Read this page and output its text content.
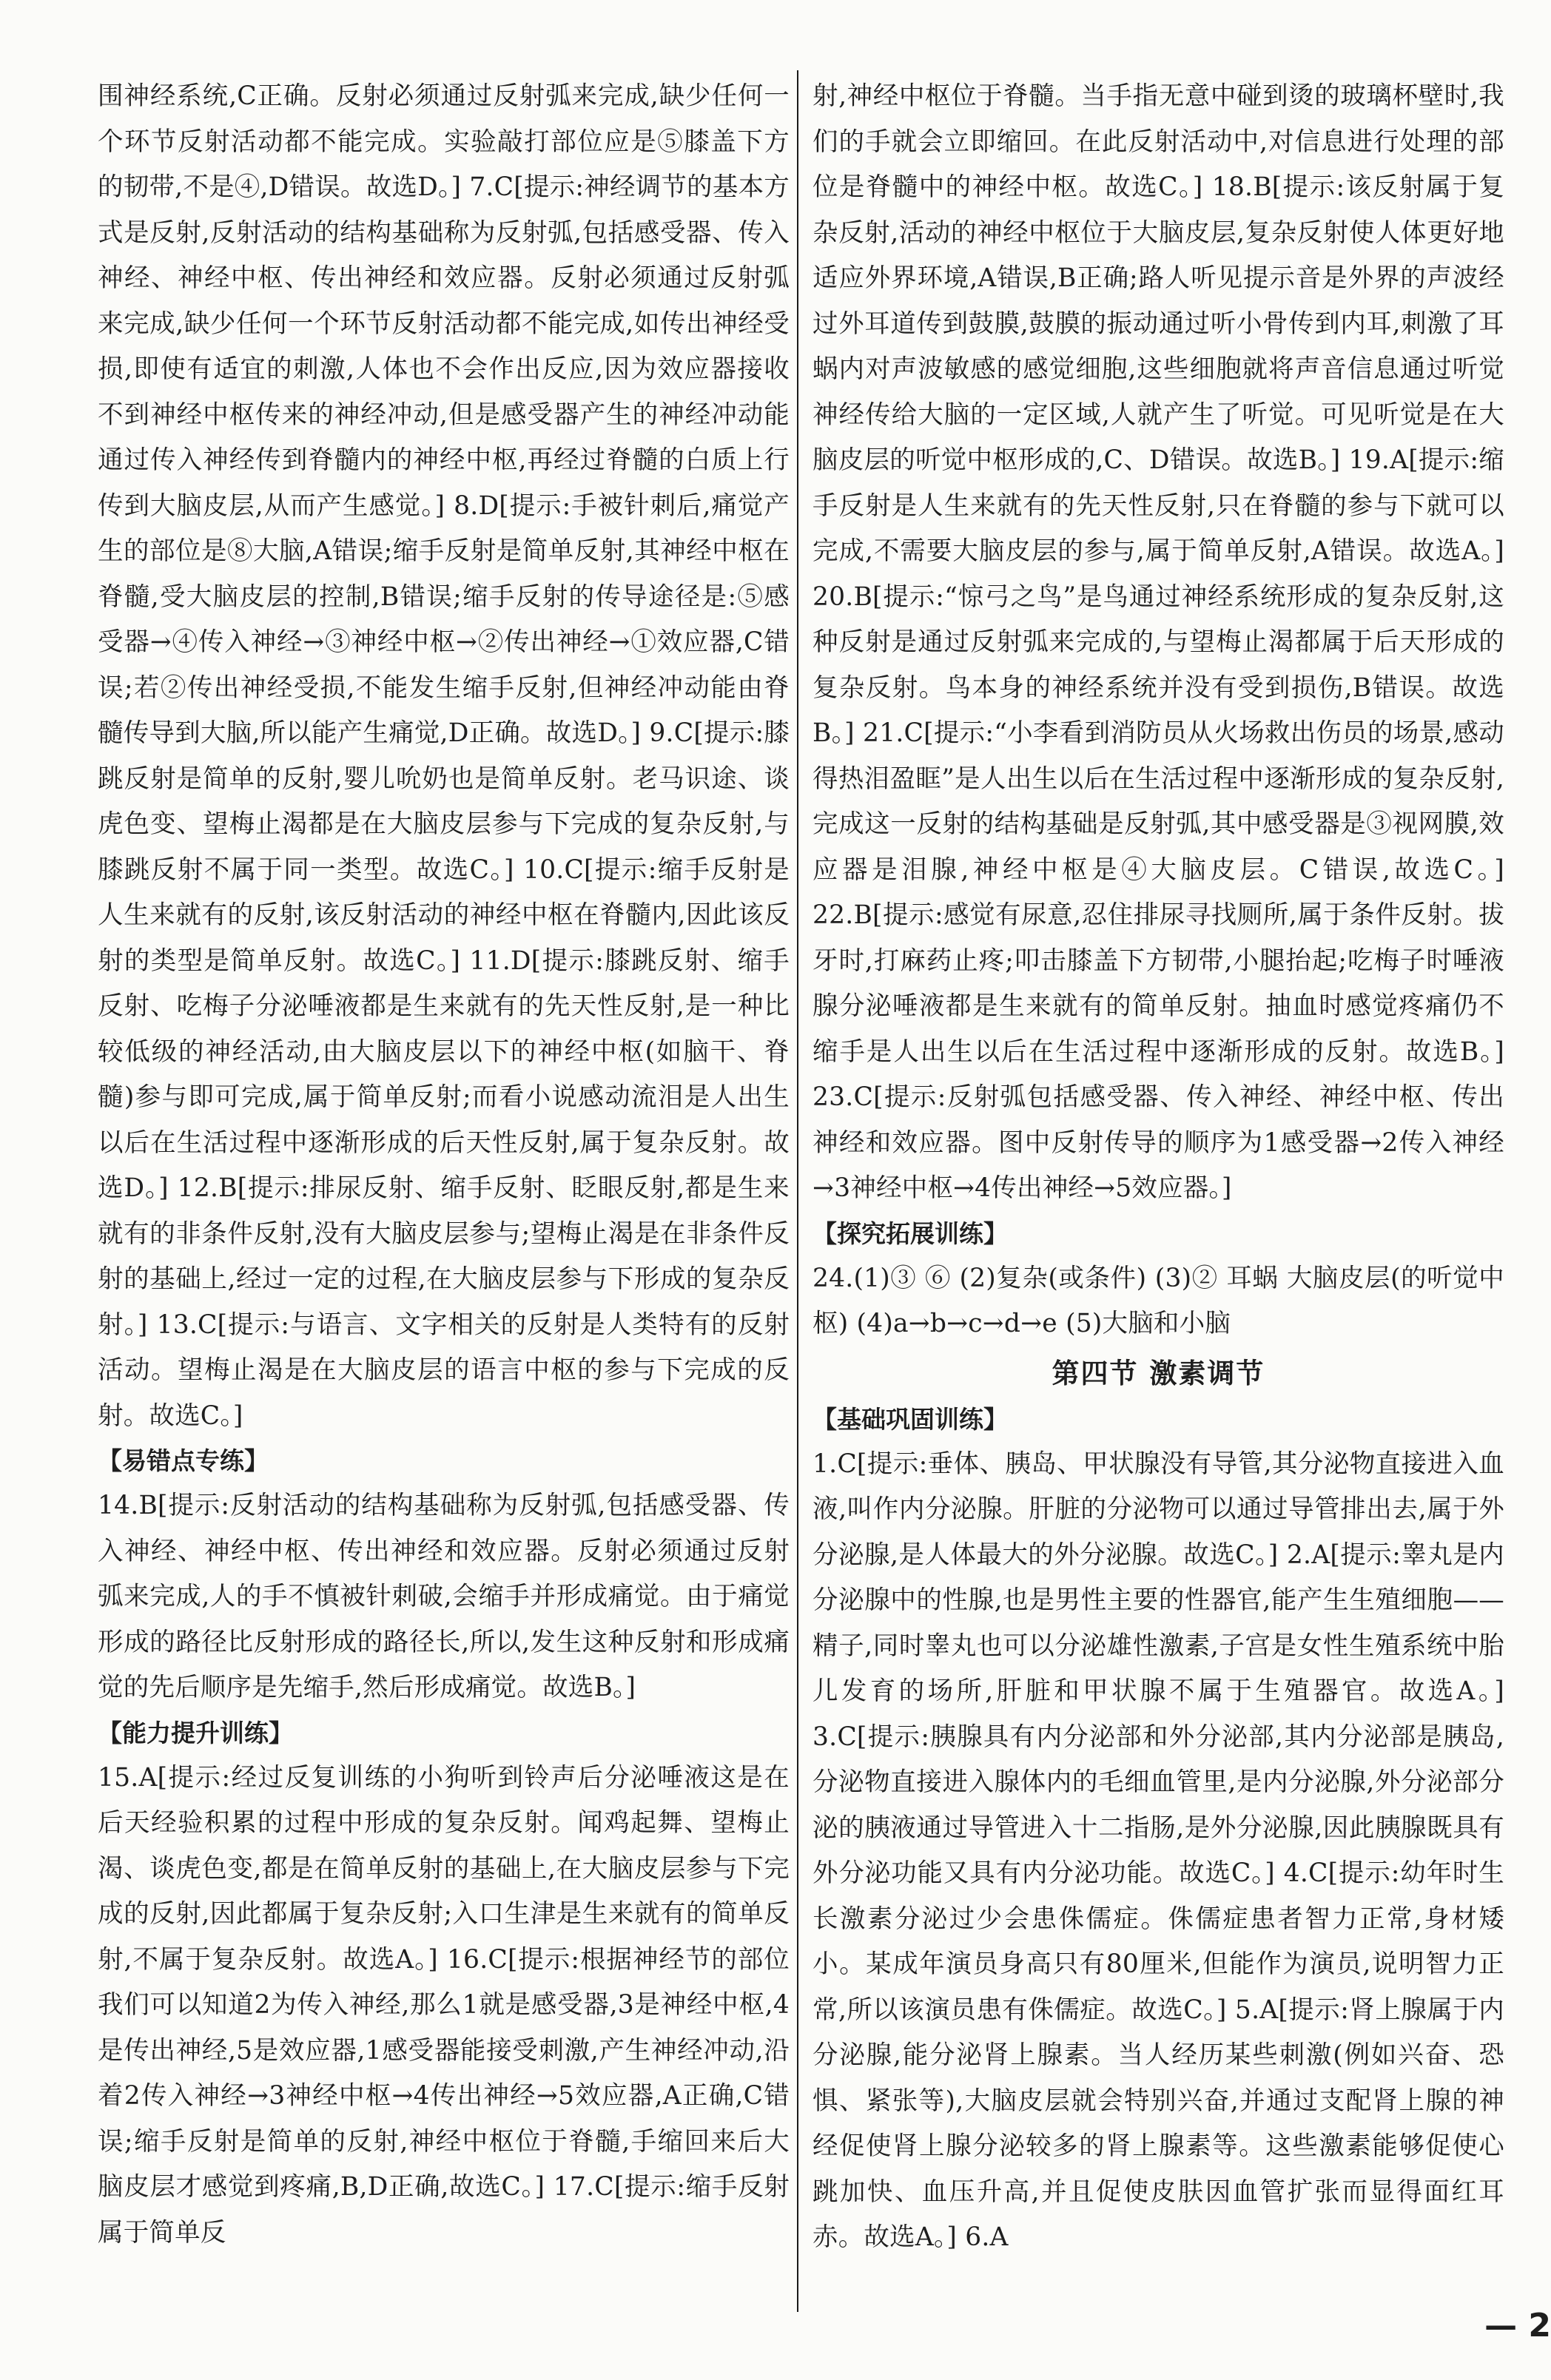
围神经系统,C正确。反射必须通过反射弧来完成,缺少任何一个环节反射活动都不能完成。实验敲打部位应是⑤膝盖下方的韧带,不是④,D错误。故选D。] 7.C[提示:神经调节的基本方式是反射,反射活动的结构基础称为反射弧,包括感受器、传入神经、神经中枢、传出神经和效应器。反射必须通过反射弧来完成,缺少任何一个环节反射活动都不能完成,如传出神经受损,即使有适宜的刺激,人体也不会作出反应,因为效应器接收不到神经中枢传来的神经冲动,但是感受器产生的神经冲动能通过传入神经传到脊髓内的神经中枢,再经过脊髓的白质上行传到大脑皮层,从而产生感觉。] 8.D[提示:手被针刺后,痛觉产生的部位是⑧大脑,A错误;缩手反射是简单反射,其神经中枢在脊髓,受大脑皮层的控制,B错误;缩手反射的传导途径是:⑤感受器→④传入神经→③神经中枢→②传出神经→①效应器,C错误;若②传出神经受损,不能发生缩手反射,但神经冲动能由脊髓传导到大脑,所以能产生痛觉,D正确。故选D。] 9.C[提示:膝跳反射是简单的反射,婴儿吮奶也是简单反射。老马识途、谈虎色变、望梅止渴都是在大脑皮层参与下完成的复杂反射,与膝跳反射不属于同一类型。故选C。] 10.C[提示:缩手反射是人生来就有的反射,该反射活动的神经中枢在脊髓内,因此该反射的类型是简单反射。故选C。] 11.D[提示:膝跳反射、缩手反射、吃梅子分泌唾液都是生来就有的先天性反射,是一种比较低级的神经活动,由大脑皮层以下的神经中枢(如脑干、脊髓)参与即可完成,属于简单反射;而看小说感动流泪是人出生以后在生活过程中逐渐形成的后天性反射,属于复杂反射。故选D。] 12.B[提示:排尿反射、缩手反射、眨眼反射,都是生来就有的非条件反射,没有大脑皮层参与;望梅止渴是在非条件反射的基础上,经过一定的过程,在大脑皮层参与下形成的复杂反射。] 13.C[提示:与语言、文字相关的反射是人类特有的反射活动。望梅止渴是在大脑皮层的语言中枢的参与下完成的反射。故选C。]

【易错点专练】

14.B[提示:反射活动的结构基础称为反射弧,包括感受器、传入神经、神经中枢、传出神经和效应器。反射必须通过反射弧来完成,人的手不慎被针刺破,会缩手并形成痛觉。由于痛觉形成的路径比反射形成的路径长,所以,发生这种反射和形成痛觉的先后顺序是先缩手,然后形成痛觉。故选B。]

【能力提升训练】

15.A[提示:经过反复训练的小狗听到铃声后分泌唾液这是在后天经验积累的过程中形成的复杂反射。闻鸡起舞、望梅止渴、谈虎色变,都是在简单反射的基础上,在大脑皮层参与下完成的反射,因此都属于复杂反射;入口生津是生来就有的简单反射,不属于复杂反射。故选A。] 16.C[提示:根据神经节的部位我们可以知道2为传入神经,那么1就是感受器,3是神经中枢,4是传出神经,5是效应器,1感受器能接受刺激,产生神经冲动,沿着2传入神经→3神经中枢→4传出神经→5效应器,A正确,C错误;缩手反射是简单的反射,神经中枢位于脊髓,手缩回来后大脑皮层才感觉到疼痛,B,D正确,故选C。] 17.C[提示:缩手反射属于简单反

射,神经中枢位于脊髓。当手指无意中碰到烫的玻璃杯壁时,我们的手就会立即缩回。在此反射活动中,对信息进行处理的部位是脊髓中的神经中枢。故选C。] 18.B[提示:该反射属于复杂反射,活动的神经中枢位于大脑皮层,复杂反射使人体更好地适应外界环境,A错误,B正确;路人听见提示音是外界的声波经过外耳道传到鼓膜,鼓膜的振动通过听小骨传到内耳,刺激了耳蜗内对声波敏感的感觉细胞,这些细胞就将声音信息通过听觉神经传给大脑的一定区域,人就产生了听觉。可见听觉是在大脑皮层的听觉中枢形成的,C、D错误。故选B。] 19.A[提示:缩手反射是人生来就有的先天性反射,只在脊髓的参与下就可以完成,不需要大脑皮层的参与,属于简单反射,A错误。故选A。] 20.B[提示:“惊弓之鸟”是鸟通过神经系统形成的复杂反射,这种反射是通过反射弧来完成的,与望梅止渴都属于后天形成的复杂反射。鸟本身的神经系统并没有受到损伤,B错误。故选B。] 21.C[提示:“小李看到消防员从火场救出伤员的场景,感动得热泪盈眶”是人出生以后在生活过程中逐渐形成的复杂反射,完成这一反射的结构基础是反射弧,其中感受器是③视网膜,效应器是泪腺,神经中枢是④大脑皮层。C错误,故选C。] 22.B[提示:感觉有尿意,忍住排尿寻找厕所,属于条件反射。拔牙时,打麻药止疼;叩击膝盖下方韧带,小腿抬起;吃梅子时唾液腺分泌唾液都是生来就有的简单反射。抽血时感觉疼痛仍不缩手是人出生以后在生活过程中逐渐形成的反射。故选B。] 23.C[提示:反射弧包括感受器、传入神经、神经中枢、传出神经和效应器。图中反射传导的顺序为1感受器→2传入神经→3神经中枢→4传出神经→5效应器。]

【探究拓展训练】

24.(1)③ ⑥ (2)复杂(或条件) (3)② 耳蜗 大脑皮层(的听觉中枢) (4)a→b→c→d→e (5)大脑和小脑

第四节 激素调节

【基础巩固训练】

1.C[提示:垂体、胰岛、甲状腺没有导管,其分泌物直接进入血液,叫作内分泌腺。肝脏的分泌物可以通过导管排出去,属于外分泌腺,是人体最大的外分泌腺。故选C。] 2.A[提示:睾丸是内分泌腺中的性腺,也是男性主要的性器官,能产生生殖细胞——精子,同时睾丸也可以分泌雄性激素,子宫是女性生殖系统中胎儿发育的场所,肝脏和甲状腺不属于生殖器官。故选A。] 3.C[提示:胰腺具有内分泌部和外分泌部,其内分泌部是胰岛,分泌物直接进入腺体内的毛细血管里,是内分泌腺,外分泌部分泌的胰液通过导管进入十二指肠,是外分泌腺,因此胰腺既具有外分泌功能又具有内分泌功能。故选C。] 4.C[提示:幼年时生长激素分泌过少会患侏儒症。侏儒症患者智力正常,身材矮小。某成年演员身高只有80厘米,但能作为演员,说明智力正常,所以该演员患有侏儒症。故选C。] 5.A[提示:肾上腺属于内分泌腺,能分泌肾上腺素。当人经历某些刺激(例如兴奋、恐惧、紧张等),大脑皮层就会特别兴奋,并通过支配肾上腺的神经促使肾上腺分泌较多的肾上腺素等。这些激素能够促使心跳加快、血压升高,并且促使皮肤因血管扩张而显得面红耳赤。故选A。] 6.A

— 2
